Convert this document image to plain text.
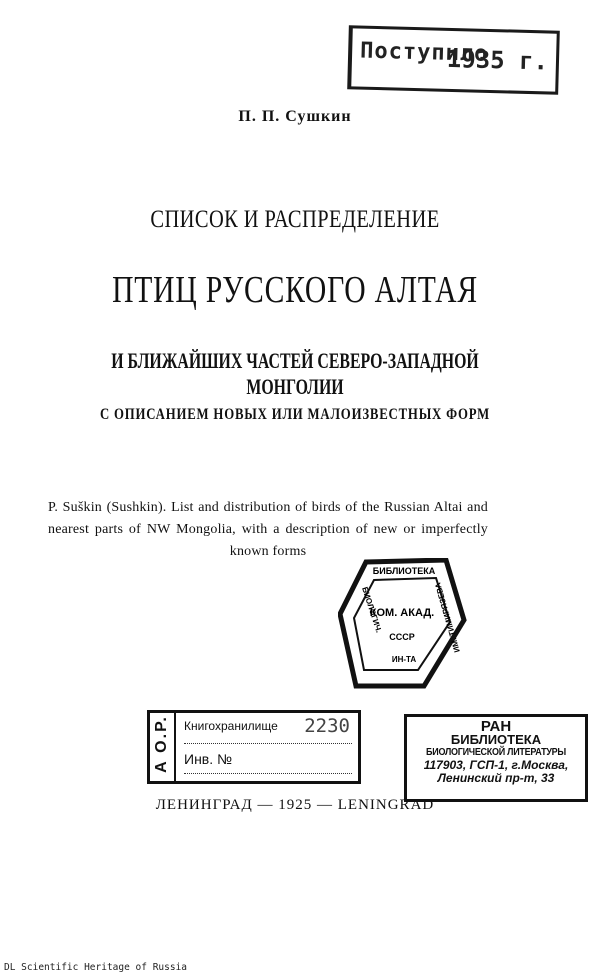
Поступило
1935 г.
П. П. Сушкин
СПИСОК И РАСПРЕДЕЛЕНИЕ
ПТИЦ РУССКОГО АЛТАЯ
И БЛИЖАЙШИХ ЧАСТЕЙ СЕВЕРО-ЗАПАДНОЙ МОНГОЛИИ
С ОПИСАНИЕМ НОВЫХ ИЛИ МАЛОИЗВЕСТНЫХ ФОРМ
P. Suškin (Sushkin). List and distribution of birds of the Russian Altai and nearest parts of NW Mongolia, with a description of new or imperfectly known forms
БИБЛИОТЕКА
КОМ. АКАД.
СССР
ИН-ТА
БИОЛОГИЧ.	ИМ. ТИМИРЯЗЕВА
А О.Р. Книгохранилище 2230
Инв. №
РАН
БИБЛИОТЕКА
БИОЛОГИЧЕСКОЙ ЛИТЕРАТУРЫ
117903, ГСП-1, г.Москва,
Ленинский пр-т, 33
ЛЕНИНГРАД — 1925 — LENINGRAD
DL Scientific Heritage of Russia
